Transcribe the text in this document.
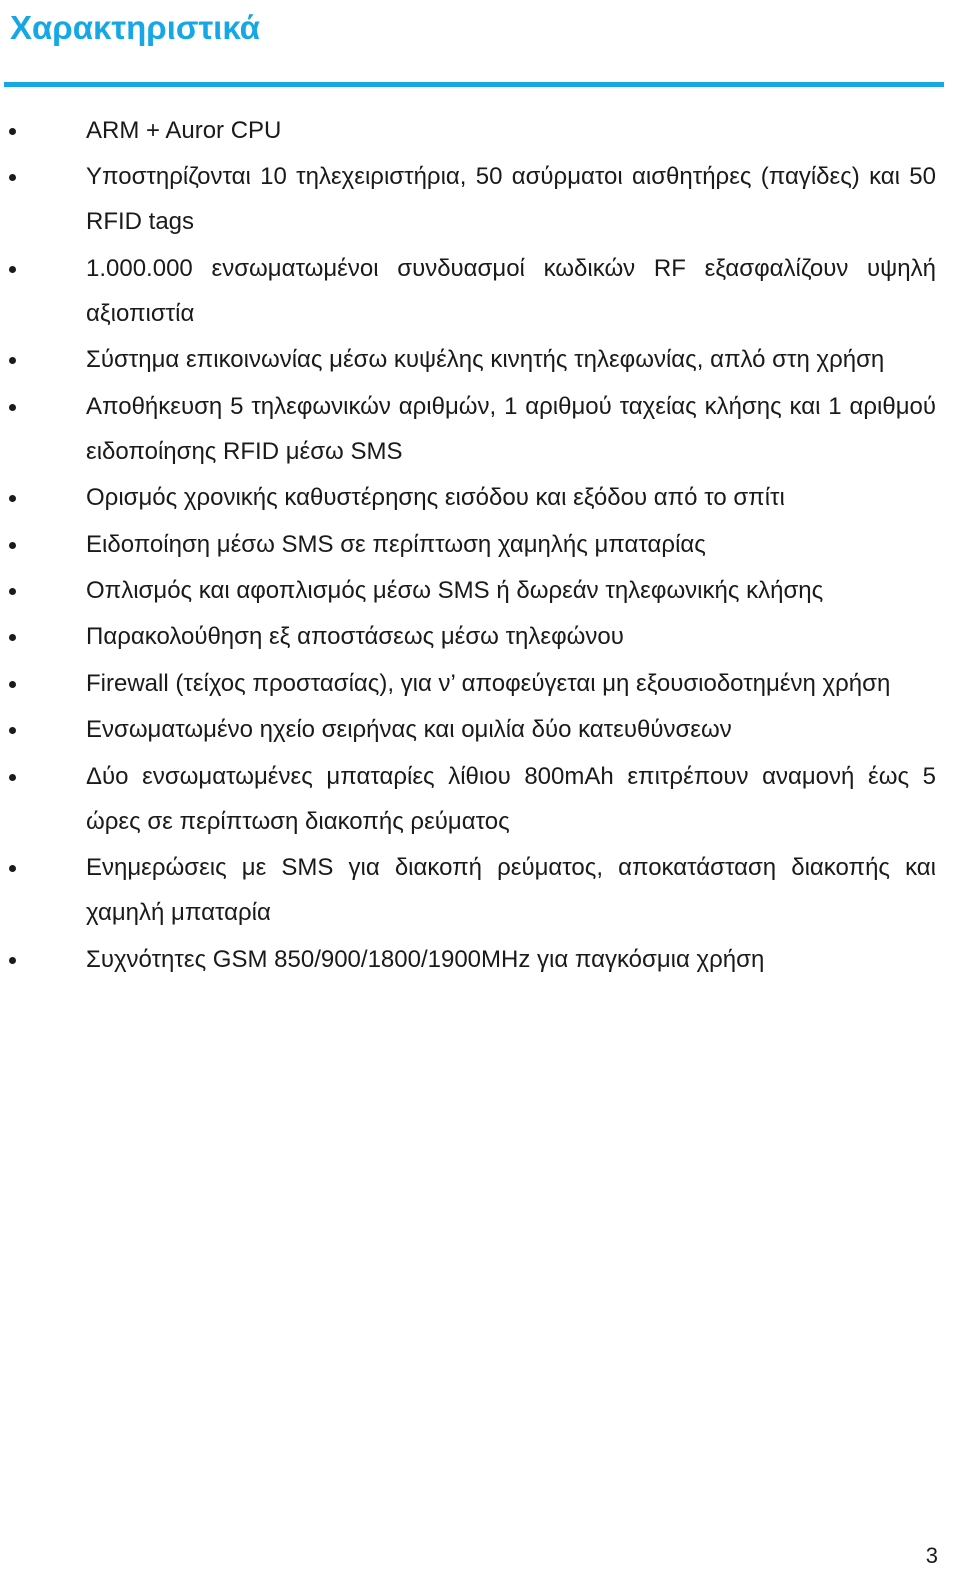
Χαρακτηριστικά
ARM + Auror CPU
Υποστηρίζονται 10 τηλεχειριστήρια, 50 ασύρματοι αισθητήρες (παγίδες) και 50 RFID tags
1.000.000 ενσωματωμένοι συνδυασμοί κωδικών RF εξασφαλίζουν υψηλή αξιοπιστία
Σύστημα επικοινωνίας μέσω κυψέλης κινητής τηλεφωνίας, απλό στη χρήση
Αποθήκευση 5 τηλεφωνικών αριθμών, 1 αριθμού ταχείας κλήσης και 1 αριθμού ειδοποίησης RFID μέσω SMS
Ορισμός χρονικής καθυστέρησης εισόδου και εξόδου από το σπίτι
Ειδοποίηση μέσω SMS σε περίπτωση χαμηλής μπαταρίας
Οπλισμός και αφοπλισμός μέσω SMS ή δωρεάν τηλεφωνικής κλήσης
Παρακολούθηση εξ αποστάσεως μέσω τηλεφώνου
Firewall (τείχος προστασίας), για ν’ αποφεύγεται μη εξουσιοδοτημένη χρήση
Ενσωματωμένο ηχείο σειρήνας και ομιλία δύο κατευθύνσεων
Δύο ενσωματωμένες μπαταρίες λίθιου 800mAh επιτρέπουν αναμονή έως 5 ώρες σε περίπτωση διακοπής ρεύματος
Ενημερώσεις με SMS για διακοπή ρεύματος, αποκατάσταση διακοπής και χαμηλή μπαταρία
Συχνότητες GSM 850/900/1800/1900MHz για παγκόσμια χρήση
3
